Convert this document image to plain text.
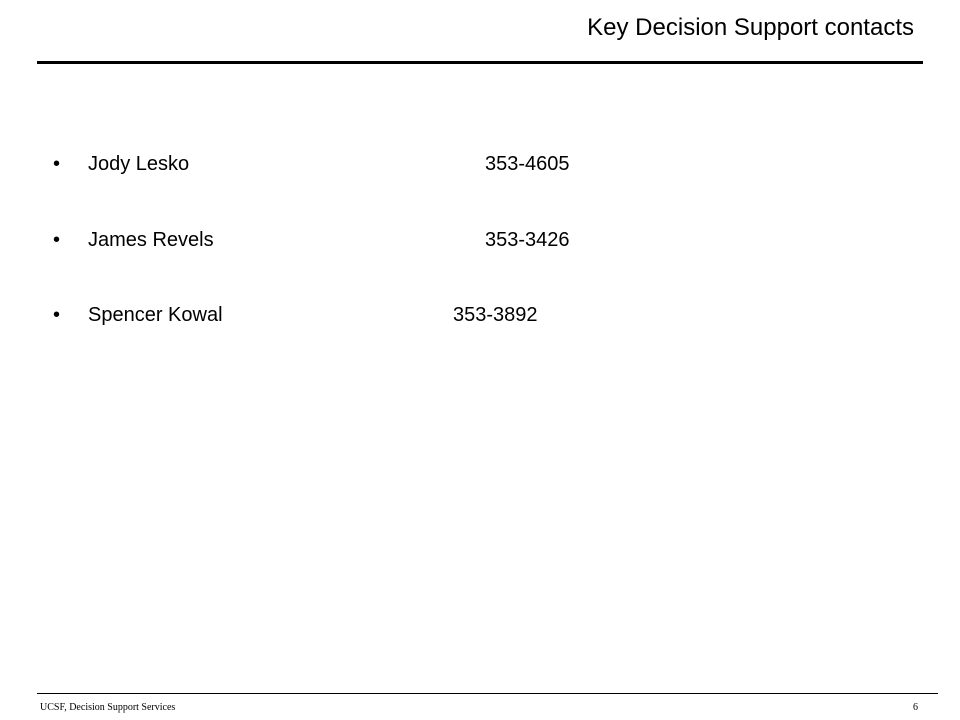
Key Decision Support contacts
• Jody Lesko	353-4605
• James Revels	353-3426
• Spencer Kowal	353-3892
UCSF, Decision Support Services	6
